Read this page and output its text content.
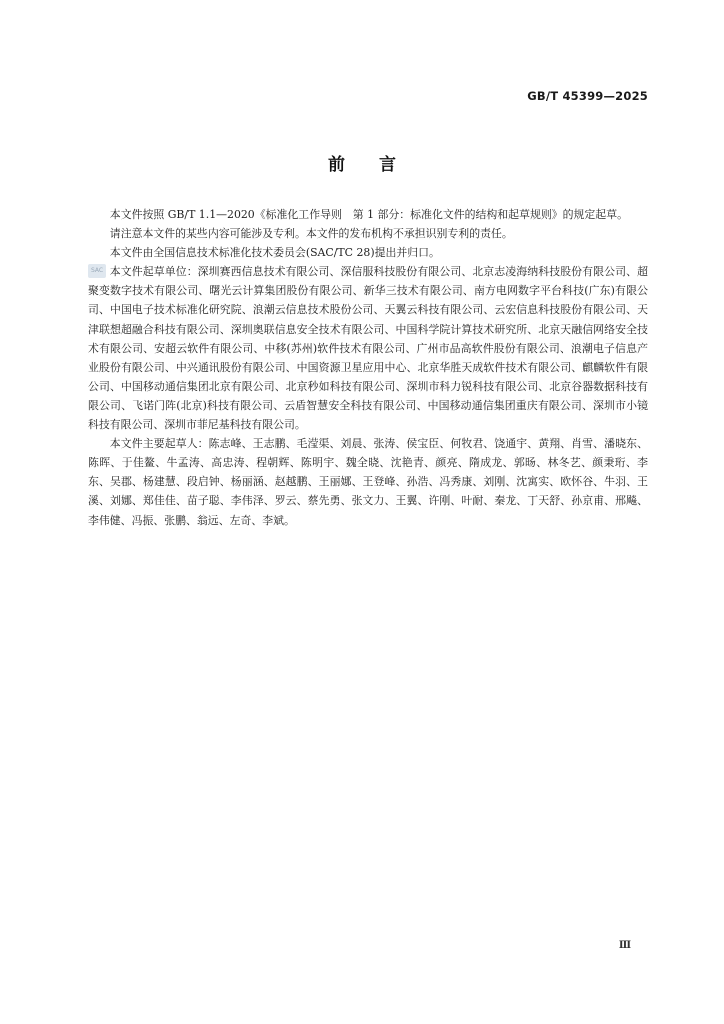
GB/T 45399—2025
前言
SAC

本文件按照 GB/T 1.1—2020《标准化工作导则　第 1 部分：标准化文件的结构和起草规则》的规定起草。

请注意本文件的某些内容可能涉及专利。本文件的发布机构不承担识别专利的责任。

本文件由全国信息技术标准化技术委员会(SAC/TC 28)提出并归口。

本文件起草单位：深圳赛西信息技术有限公司、深信服科技股份有限公司、北京志凌海纳科技股份有限公司、超聚变数字技术有限公司、曙光云计算集团股份有限公司、新华三技术有限公司、南方电网数字平台科技(广东)有限公司、中国电子技术标准化研究院、浪潮云信息技术股份公司、天翼云科技有限公司、云宏信息科技股份有限公司、天津联想超融合科技有限公司、深圳奥联信息安全技术有限公司、中国科学院计算技术研究所、北京天融信网络安全技术有限公司、安超云软件有限公司、中移(苏州)软件技术有限公司、广州市品高软件股份有限公司、浪潮电子信息产业股份有限公司、中兴通讯股份有限公司、中国资源卫星应用中心、北京华胜天成软件技术有限公司、麒麟软件有限公司、中国移动通信集团北京有限公司、北京秒如科技有限公司、深圳市科力锐科技有限公司、北京谷器数据科技有限公司、飞诺门阵(北京)科技有限公司、云盾智慧安全科技有限公司、中国移动通信集团重庆有限公司、深圳市小镜科技有限公司、深圳市菲尼基科技有限公司。

本文件主要起草人：陈志峰、王志鹏、毛滢渠、刘晨、张涛、侯宝臣、何牧君、饶通宇、黄翔、肖雪、潘晓东、陈晖、于佳鳌、牛孟涛、高忠涛、程朝辉、陈明宇、魏全晓、沈艳青、颜亮、隋成龙、郭旸、林冬艺、颜秉珩、李东、吴郡、杨建慧、段启钟、杨丽涵、赵越鹏、王丽娜、王登峰、孙浩、冯秀康、刘刚、沈寓实、欧怀谷、牛羽、王溪、刘娜、郑佳佳、苗子聪、李伟泽、罗云、蔡先勇、张文力、王翼、许刚、叶耐、秦龙、丁天舒、孙京甫、邢飚、李伟健、冯振、张鹏、翁远、左奇、李斌。

Ⅲ
